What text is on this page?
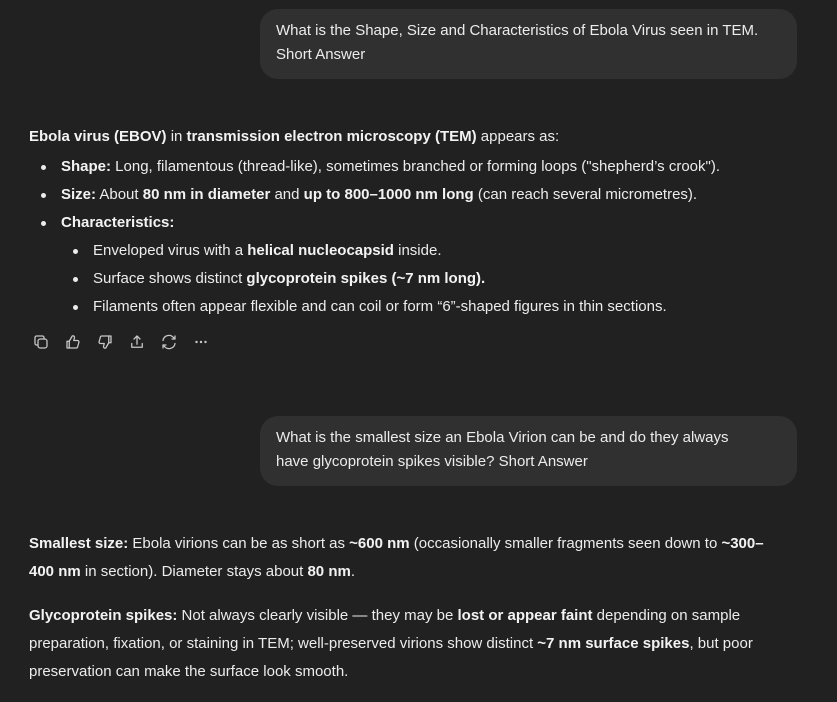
What is the Shape, Size and Characteristics of Ebola Virus seen in TEM.
Short Answer
Ebola virus (EBOV) in transmission electron microscopy (TEM) appears as:
Shape: Long, filamentous (thread-like), sometimes branched or forming loops ("shepherd’s crook").
Size: About 80 nm in diameter and up to 800–1000 nm long (can reach several micrometres).
Characteristics:
Enveloped virus with a helical nucleocapsid inside.
Surface shows distinct glycoprotein spikes (~7 nm long).
Filaments often appear flexible and can coil or form “6”-shaped figures in thin sections.
What is the smallest size an Ebola Virion can be and do they always
have glycoprotein spikes visible? Short Answer

Smallest size: Ebola virions can be as short as ~600 nm (occasionally smaller fragments seen down to ~300–
400 nm in section). Diameter stays about 80 nm.

Glycoprotein spikes: Not always clearly visible — they may be lost or appear faint depending on sample
preparation, fixation, or staining in TEM; well-preserved virions show distinct ~7 nm surface spikes, but poor
preservation can make the surface look smooth.
